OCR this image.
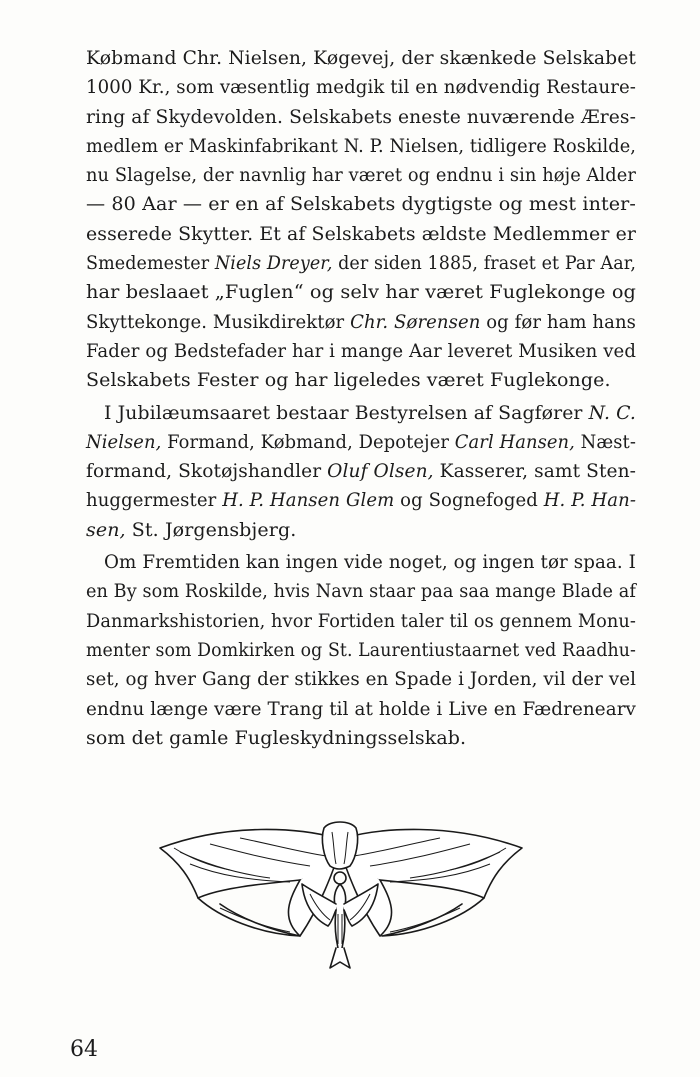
Købmand Chr. Nielsen, Køgevej, der skænkede Selskabet
1000 Kr., som væsentlig medgik til en nødvendig Restaure-
ring af Skydevolden. Selskabets eneste nuværende Æres-
medlem er Maskinfabrikant N. P. Nielsen, tidligere Roskilde,
nu Slagelse, der navnlig har været og endnu i sin høje Alder
— 80 Aar — er en af Selskabets dygtigste og mest inter-
esserede Skytter. Et af Selskabets ældste Medlemmer er
Smedemester Niels Dreyer, der siden 1885, fraset et Par Aar,
har beslaaet „Fuglen“ og selv har været Fuglekonge og
Skyttekonge. Musikdirektør Chr. Sørensen og før ham hans
Fader og Bedstefader har i mange Aar leveret Musiken ved
Selskabets Fester og har ligeledes været Fuglekonge.
I Jubilæumsaaret bestaar Bestyrelsen af Sagfører N. C.
Nielsen, Formand, Købmand, Depotejer Carl Hansen, Næst-
formand, Skotøjshandler Oluf Olsen, Kasserer, samt Sten-
huggermester H. P. Hansen Glem og Sognefoged H. P. Han-
sen, St. Jørgensbjerg.
Om Fremtiden kan ingen vide noget, og ingen tør spaa. I
en By som Roskilde, hvis Navn staar paa saa mange Blade af
Danmarkshistorien, hvor Fortiden taler til os gennem Monu-
menter som Domkirken og St. Laurentiustaarnet ved Raadhu-
set, og hver Gang der stikkes en Spade i Jorden, vil der vel
endnu længe være Trang til at holde i Live en Fædrenearv
som det gamle Fugleskydningsselskab.
64
